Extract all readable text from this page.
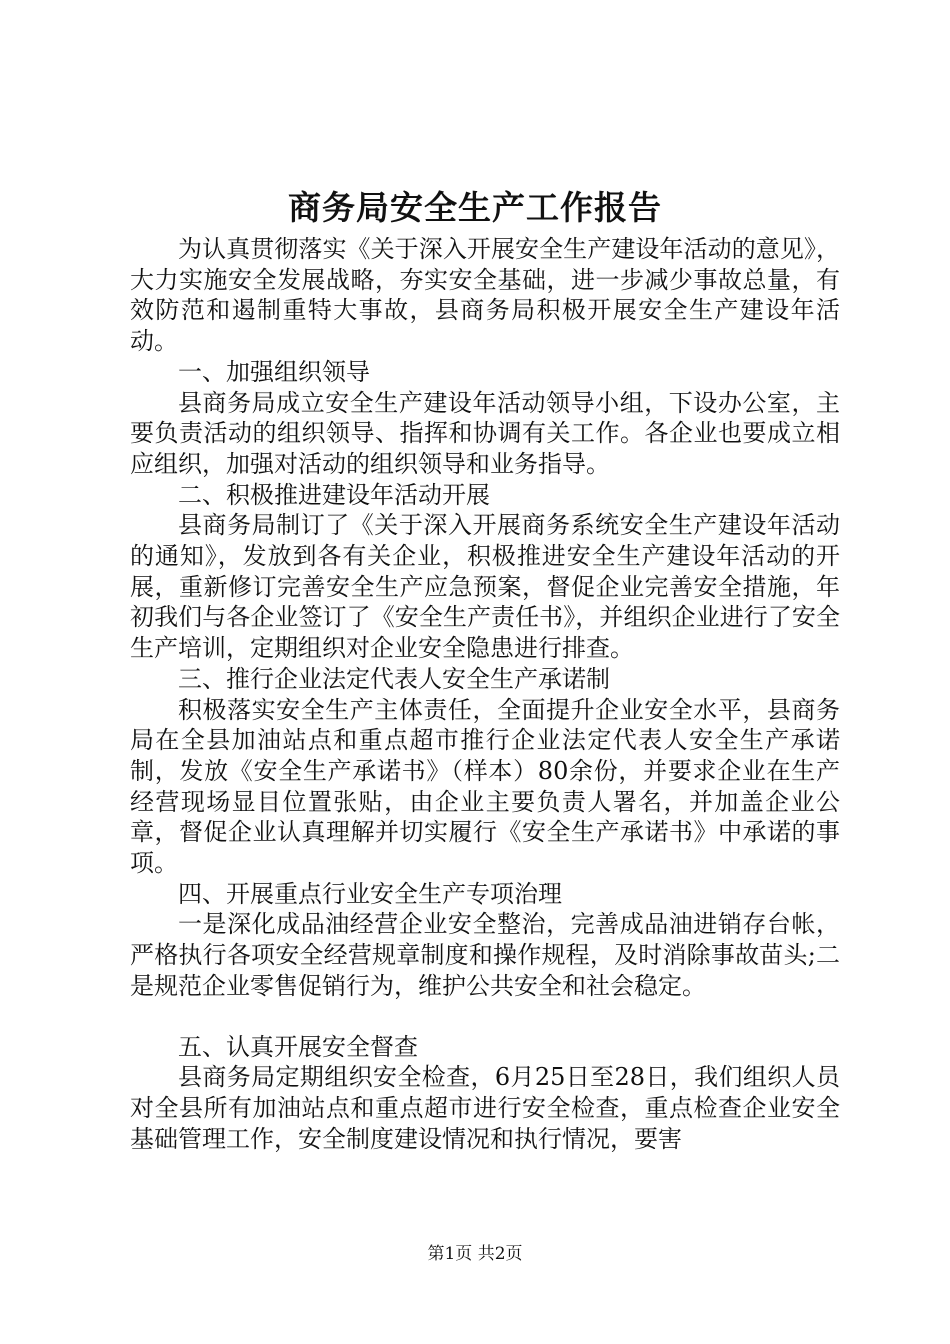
商务局安全生产工作报告

为认真贯彻落实《关于深入开展安全生产建设年活动的意见》，大力实施安全发展战略，夯实安全基础，进一步减少事故总量，有效防范和遏制重特大事故，县商务局积极开展安全生产建设年活动。

一、加强组织领导

县商务局成立安全生产建设年活动领导小组，下设办公室，主要负责活动的组织领导、指挥和协调有关工作。各企业也要成立相应组织，加强对活动的组织领导和业务指导。

二、积极推进建设年活动开展

县商务局制订了《关于深入开展商务系统安全生产建设年活动的通知》，发放到各有关企业，积极推进安全生产建设年活动的开展，重新修订完善安全生产应急预案，督促企业完善安全措施，年初我们与各企业签订了《安全生产责任书》，并组织企业进行了安全生产培训，定期组织对企业安全隐患进行排查。

三、推行企业法定代表人安全生产承诺制

积极落实安全生产主体责任，全面提升企业安全水平，县商务局在全县加油站点和重点超市推行企业法定代表人安全生产承诺制，发放《安全生产承诺书》（样本）80余份，并要求企业在生产经营现场显目位置张贴，由企业主要负责人署名，并加盖企业公章，督促企业认真理解并切实履行《安全生产承诺书》中承诺的事项。

四、开展重点行业安全生产专项治理

一是深化成品油经营企业安全整治，完善成品油进销存台帐，严格执行各项安全经营规章制度和操作规程，及时消除事故苗头;二是规范企业零售促销行为，维护公共安全和社会稳定。

五、认真开展安全督查

县商务局定期组织安全检查，6月25日至28日，我们组织人员对全县所有加油站点和重点超市进行安全检查，重点检查企业安全基础管理工作，安全制度建设情况和执行情况，要害

第1页 共2页
